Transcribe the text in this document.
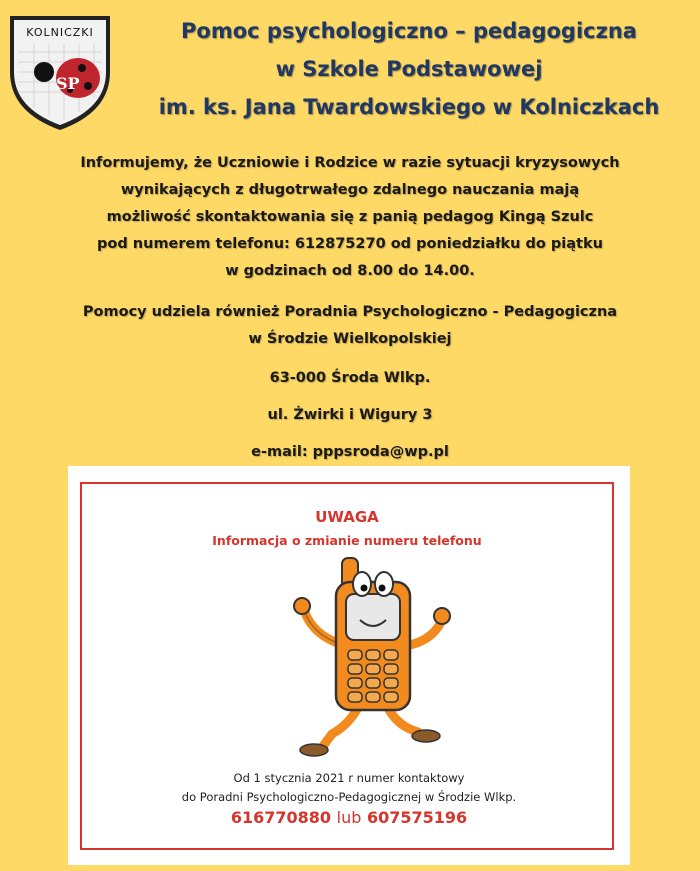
KOLNICZKI
SP
Pomoc psychologiczno – pedagogiczna
w Szkole Podstawowej
im. ks. Jana Twardowskiego w Kolniczkach

Informujemy, że Uczniowie i Rodzice w razie sytuacji kryzysowych

wynikających z długotrwałego zdalnego nauczania mają

możliwość skontaktowania się z panią pedagog Kingą Szulc

pod numerem telefonu: 612875270 od poniedziałku do piątku

w godzinach od 8.00 do 14.00.

Pomocy udziela również Poradnia Psychologiczno - Pedagogiczna

w Środzie Wielkopolskiej

63-000 Środa Wlkp.

ul. Żwirki i Wigury 3

e-mail: pppsroda@wp.pl

UWAGA
Informacja o zmianie numeru telefonu
Od 1 stycznia 2021 r numer kontaktowy
do Poradni Psychologiczno-Pedagogicznej w Środzie Wlkp.
616770880 lub 607575196
